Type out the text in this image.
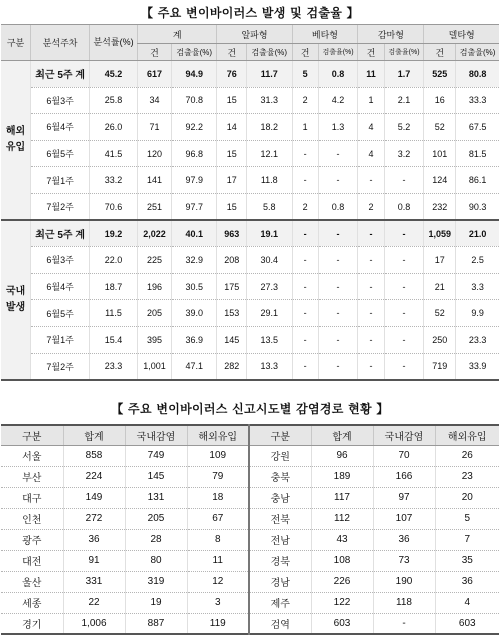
【 주요 변이바이러스 발생 및 검출율 】
구분	분석주차	분석률(%)	계		알파형		베타형		감마형		델타형	
			건	검출율(%)	건	검출율(%)	건	검출율(%)	건	검출율(%)	건	검출율(%)
해외 유입	최근 5주 계	45.2	617	94.9	76	11.7	5	0.8	11	1.7	525	80.8
	6월3주	25.8	34	70.8	15	31.3	2	4.2	1	2.1	16	33.3
	6월4주	26.0	71	92.2	14	18.2	1	1.3	4	5.2	52	67.5
	6월5주	41.5	120	96.8	15	12.1	-	-	4	3.2	101	81.5
	7월1주	33.2	141	97.9	17	11.8	-	-	-	-	124	86.1
	7월2주	70.6	251	97.7	15	5.8	2	0.8	2	0.8	232	90.3
국내 발생	최근 5주 계	19.2	2,022	40.1	963	19.1	-	-	-	-	1,059	21.0
	6월3주	22.0	225	32.9	208	30.4	-	-	-	-	17	2.5
	6월4주	18.7	196	30.5	175	27.3	-	-	-	-	21	3.3
	6월5주	11.5	205	39.0	153	29.1	-	-	-	-	52	9.9
	7월1주	15.4	395	36.9	145	13.5	-	-	-	-	250	23.3
	7월2주	23.3	1,001	47.1	282	13.3	-	-	-	-	719	33.9
【 주요 변이바이러스 신고시도별 감염경로 현황 】
구분	합계	국내감염	해외유입	구분	합계	국내감염	해외유입
서울	858	749	109	강원	96	70	26
부산	224	145	79	충북	189	166	23
대구	149	131	18	충남	117	97	20
인천	272	205	67	전북	112	107	5
광주	36	28	8	전남	43	36	7
대전	91	80	11	경북	108	73	35
울산	331	319	12	경남	226	190	36
세종	22	19	3	제주	122	118	4
경기	1,006	887	119	검역	603	-	603
